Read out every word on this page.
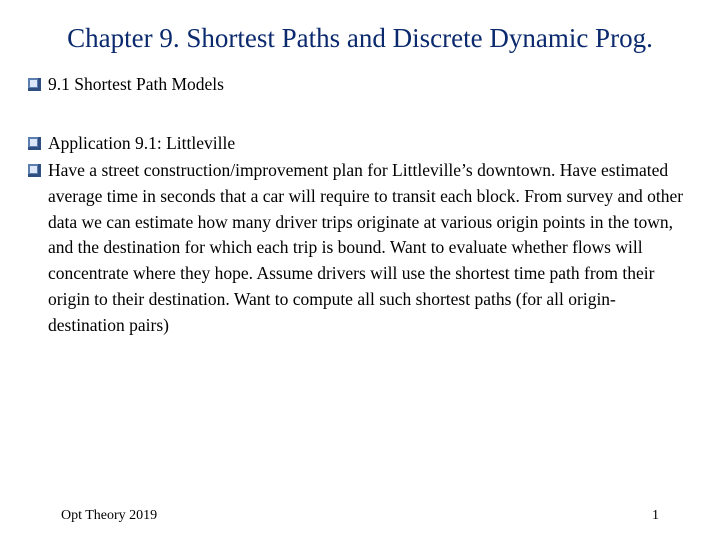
Chapter 9. Shortest Paths and Discrete Dynamic Prog.
9.1 Shortest Path Models
Application 9.1: Littleville
Have a street construction/improvement plan for Littleville’s downtown. Have estimated average time in seconds that a car will require to transit each block. From survey and other data we can estimate how many driver trips originate at various origin points in the town, and the destination for which each trip is bound. Want to evaluate whether flows will concentrate where they hope. Assume drivers will use the shortest time path from their origin to their destination. Want to compute all such shortest paths (for all origin-destination pairs)
Opt Theory 2019	1
